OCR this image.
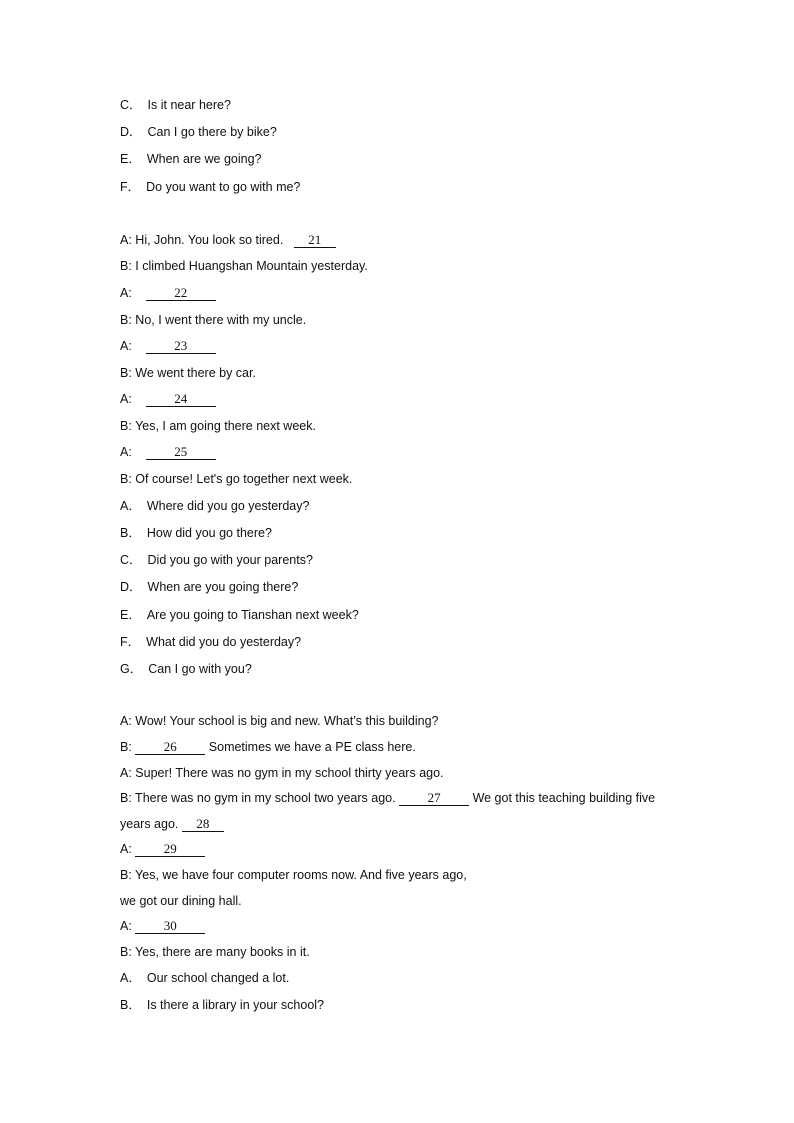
C． Is it near here?
D． Can I go there by bike?
E． When are we going?
F． Do you want to go with me?
A: Hi, John. You look so tired. 21
B: I climbed Huangshan Mountain yesterday.
A:	22
B: No, I went there with my uncle.
A:	23
B: We went there by car.
A:	24
B: Yes, I am going there next week.
A:	25
B: Of course! Let's go together next week.
A． Where did you go yesterday?
B． How did you go there?
C． Did you go with your parents?
D． When are you going there?
E． Are you going to Tianshan next week?
F． What did you do yesterday?
G． Can I go with you?
A: Wow! Your school is big and new. What’s this building?
B: 26	Sometimes we have a PE class here.
A: Super! There was no gym in my school thirty years ago.
B: There was no gym in my school two years ago. 27	We got this teaching building five
years ago. 28
A: 29
B: Yes, we have four computer rooms now. And five years ago,
we got our dining hall.
A: 30
B: Yes, there are many books in it.
A． Our school changed a lot.
B． Is there a library in your school?
